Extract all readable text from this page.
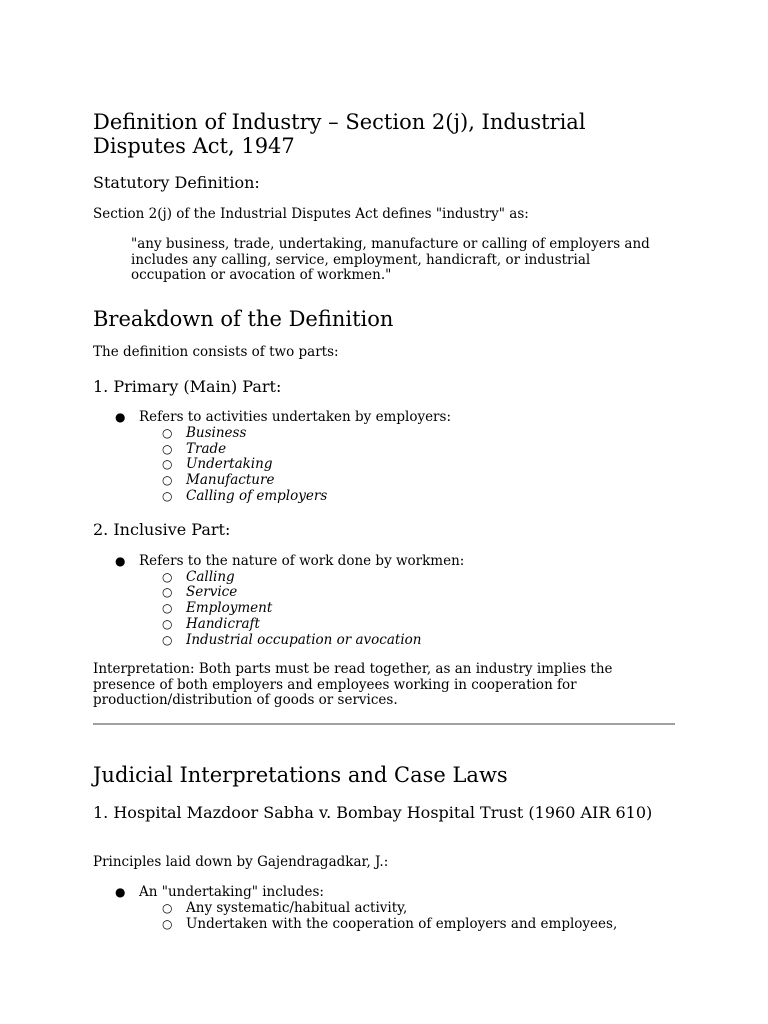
Definition of Industry – Section 2(j), Industrial Disputes Act, 1947
Statutory Definition:

Section 2(j) of the Industrial Disputes Act defines "industry" as:

"any business, trade, undertaking, manufacture or calling of employers and includes any calling, service, employment, handicraft, or industrial occupation or avocation of workmen."

Breakdown of the Definition

The definition consists of two parts:

1. Primary (Main) Part:
● Refers to activities undertaken by employers:
○ Business
○ Trade
○ Undertaking
○ Manufacture
○ Calling of employers
2. Inclusive Part:
● Refers to the nature of work done by workmen:
○ Calling
○ Service
○ Employment
○ Handicraft
○ Industrial occupation or avocation

Interpretation: Both parts must be read together, as an industry implies the presence of both employers and employees working in cooperation for production/distribution of goods or services.

Judicial Interpretations and Case Laws
1. Hospital Mazdoor Sabha v. Bombay Hospital Trust (1960 AIR 610)

Principles laid down by Gajendragadkar, J.:

● An "undertaking" includes:
○ Any systematic/habitual activity,
○ Undertaken with the cooperation of employers and employees,
